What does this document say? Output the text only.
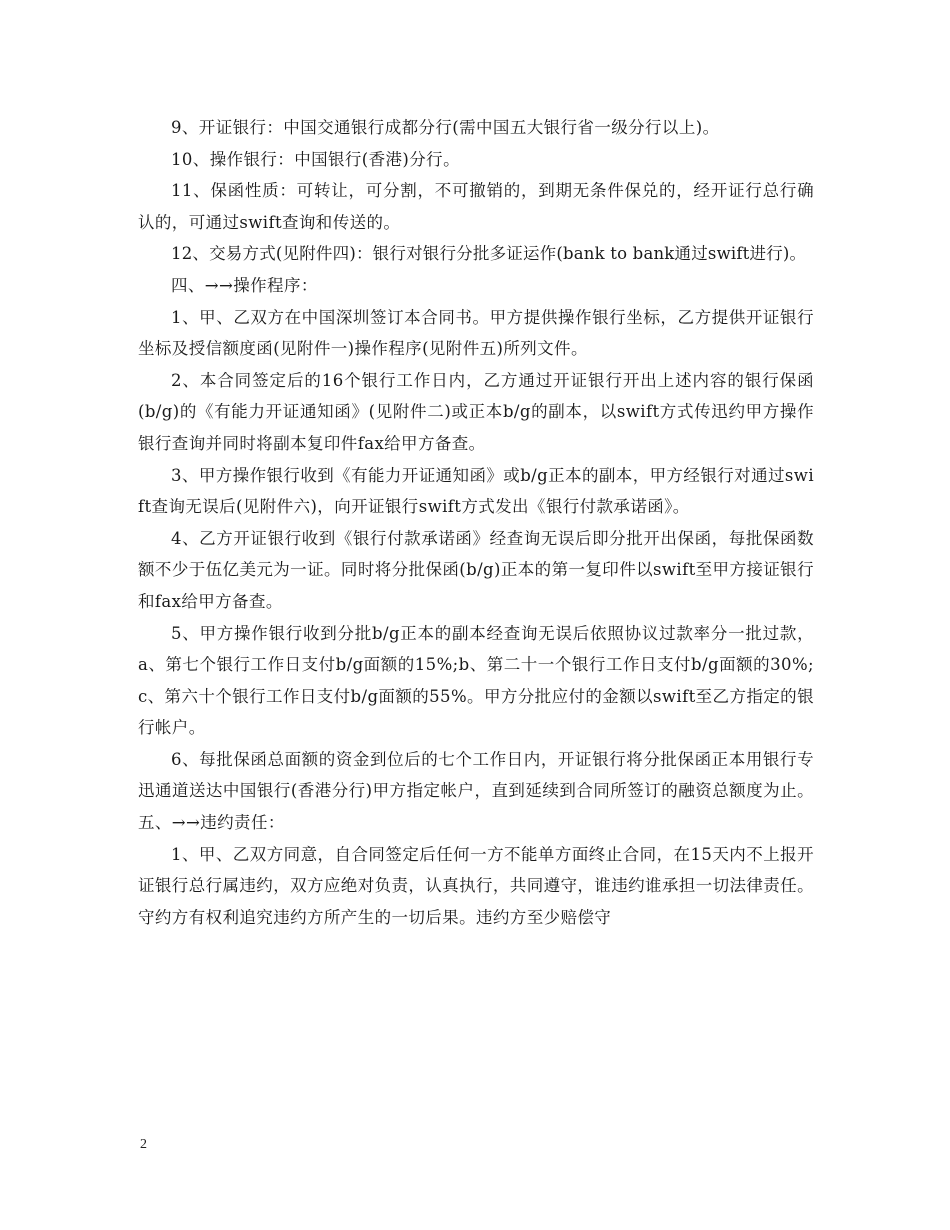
9、开证银行：中国交通银行成都分行(需中国五大银行省一级分行以上)。

10、操作银行：中国银行(香港)分行。

11、保函性质：可转让，可分割，不可撤销的，到期无条件保兑的，经开证行总行确认的，可通过swift查询和传送的。

12、交易方式(见附件四)：银行对银行分批多证运作(bank to bank通过swift进行)。

四、→→操作程序：

1、甲、乙双方在中国深圳签订本合同书。甲方提供操作银行坐标，乙方提供开证银行坐标及授信额度函(见附件一)操作程序(见附件五)所列文件。

2、本合同签定后的16个银行工作日内，乙方通过开证银行开出上述内容的银行保函(b/g)的《有能力开证通知函》(见附件二)或正本b/g的副本，以swift方式传迅约甲方操作银行查询并同时将副本复印件fax给甲方备查。

3、甲方操作银行收到《有能力开证通知函》或b/g正本的副本，甲方经银行对通过swift查询无误后(见附件六)，向开证银行swift方式发出《银行付款承诺函》。

4、乙方开证银行收到《银行付款承诺函》经查询无误后即分批开出保函，每批保函数额不少于伍亿美元为一证。同时将分批保函(b/g)正本的第一复印件以swift至甲方接证银行和fax给甲方备查。

5、甲方操作银行收到分批b/g正本的副本经查询无误后依照协议过款率分一批过款，a、第七个银行工作日支付b/g面额的15%;b、第二十一个银行工作日支付b/g面额的30%;c、第六十个银行工作日支付b/g面额的55%。甲方分批应付的金额以swift至乙方指定的银行帐户。

6、每批保函总面额的资金到位后的七个工作日内，开证银行将分批保函正本用银行专迅通道送达中国银行(香港分行)甲方指定帐户，直到延续到合同所签订的融资总额度为止。五、→→违约责任：

1、甲、乙双方同意，自合同签定后任何一方不能单方面终止合同，在15天内不上报开证银行总行属违约，双方应绝对负责，认真执行，共同遵守，谁违约谁承担一切法律责任。守约方有权利追究违约方所产生的一切后果。违约方至少赔偿守

2
